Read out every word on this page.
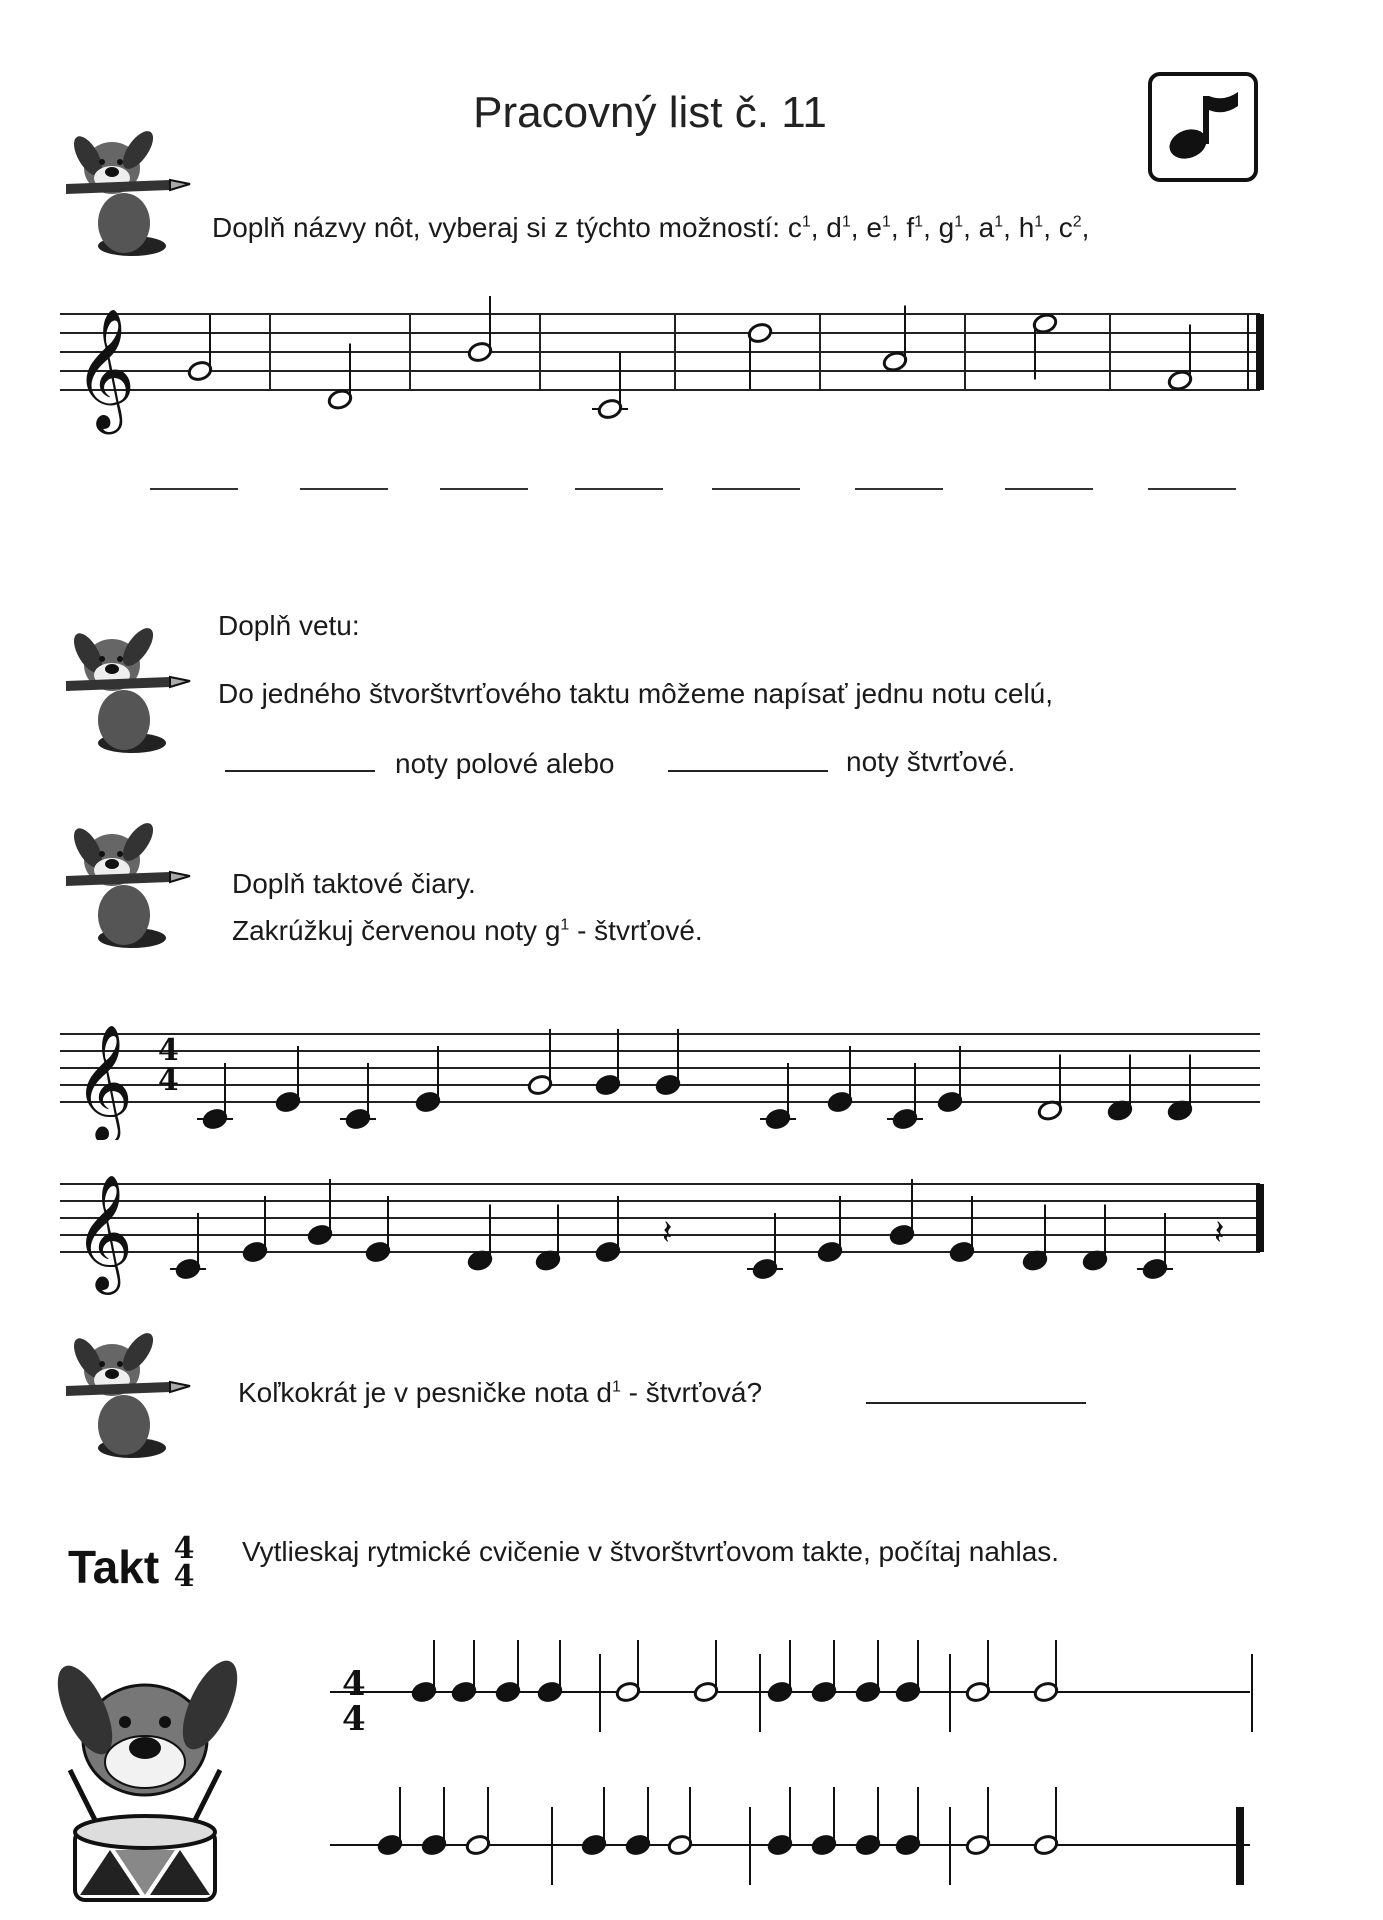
Pracovný list č. 11
Doplň názvy nôt, vyberaj si z týchto možností: $c^1$, $d^1$, $e^1$, $f^1$, $g^1$, $a^1$, $h^1$, $c^2$,
𝄞
Doplň vetu:
Do jedného štvorštvrťového taktu môžeme napísať jednu notu celú,
noty polové alebo	noty štvrťové.
Doplň taktové čiary.
Zakrúžkuj červenou noty $g^1$ - štvrťové.
𝄞 4
4
𝄞	𝄽	𝄽
Koľkokrát je v pesničke nota $d^1$ - štvrťová?
Takt 4
4
Vytlieskaj rytmické cvičenie v štvorštvrťovom takte, počítaj nahlas.
4
4
